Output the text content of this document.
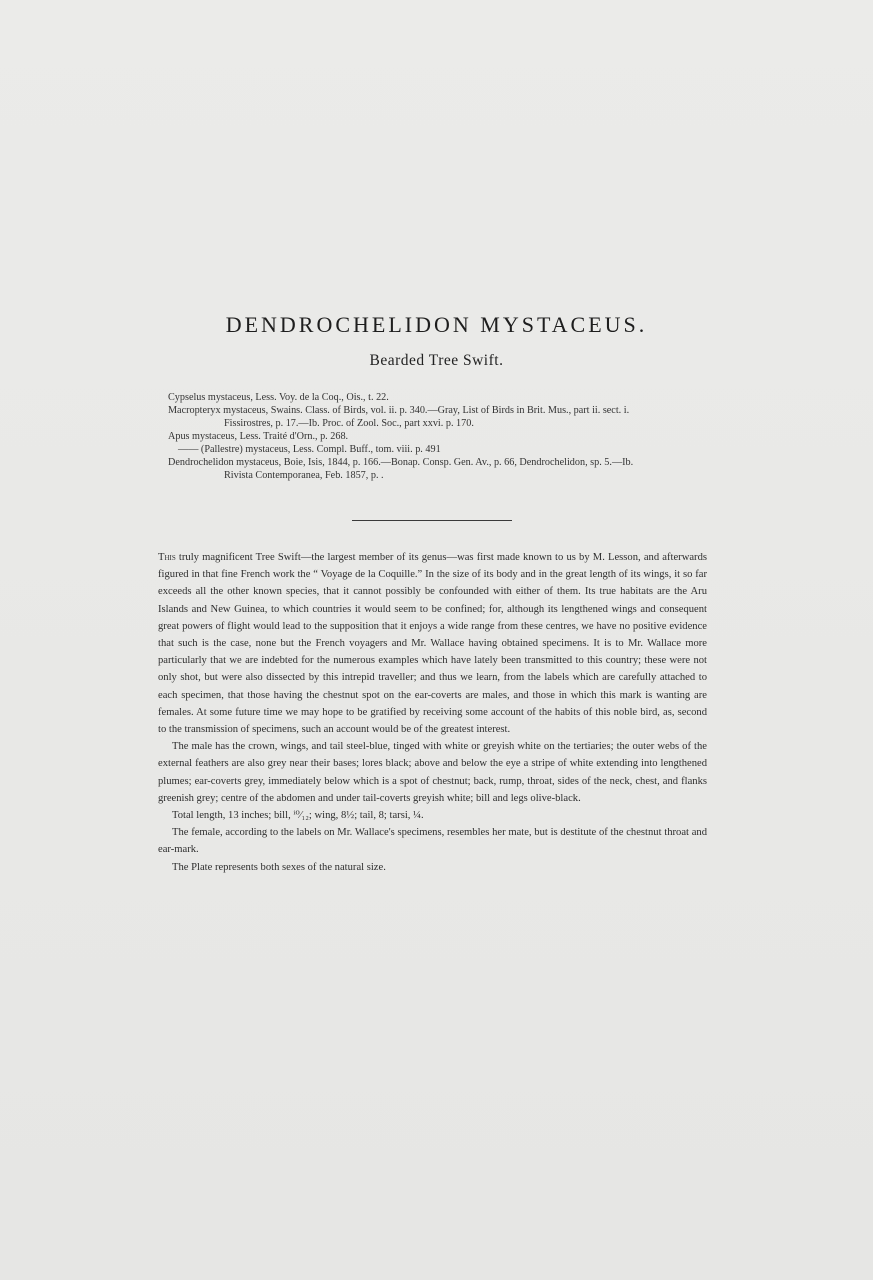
DENDROCHELIDON MYSTACEUS.
Bearded Tree Swift.

Cypselus mystaceus, Less. Voy. de la Coq., Ois., t. 22.

Macropteryx mystaceus, Swains. Class. of Birds, vol. ii. p. 340.—Gray, List of Birds in Brit. Mus., part ii. sect. i.

Fissirostres, p. 17.—Ib. Proc. of Zool. Soc., part xxvi. p. 170.

Apus mystaceus, Less. Traité d'Orn., p. 268.

—— (Pallestre) mystaceus, Less. Compl. Buff., tom. viii. p. 491

Dendrochelidon mystaceus, Boie, Isis, 1844, p. 166.—Bonap. Consp. Gen. Av., p. 66, Dendrochelidon, sp. 5.—Ib.

Rivista Contemporanea, Feb. 1857, p. .

This truly magnificent Tree Swift—the largest member of its genus—was first made known to us by M. Lesson, and afterwards figured in that fine French work the “ Voyage de la Coquille.” In the size of its body and in the great length of its wings, it so far exceeds all the other known species, that it cannot possibly be confounded with either of them. Its true habitats are the Aru Islands and New Guinea, to which countries it would seem to be confined; for, although its lengthened wings and consequent great powers of flight would lead to the supposition that it enjoys a wide range from these centres, we have no positive evidence that such is the case, none but the French voyagers and Mr. Wallace having obtained specimens. It is to Mr. Wallace more particularly that we are indebted for the numerous examples which have lately been transmitted to this country; these were not only shot, but were also dissected by this intrepid traveller; and thus we learn, from the labels which are carefully attached to each specimen, that those having the chestnut spot on the ear-coverts are males, and those in which this mark is wanting are females. At some future time we may hope to be gratified by receiving some account of the habits of this noble bird, as, second to the transmission of specimens, such an account would be of the greatest interest.

The male has the crown, wings, and tail steel-blue, tinged with white or greyish white on the tertiaries; the outer webs of the external feathers are also grey near their bases; lores black; above and below the eye a stripe of white extending into lengthened plumes; ear-coverts grey, immediately below which is a spot of chestnut; back, rump, throat, sides of the neck, chest, and flanks greenish grey; centre of the abdomen and under tail-coverts greyish white; bill and legs olive-black.

Total length, 13 inches; bill, ⁱ⁰⁄₁₂; wing, 8½; tail, 8; tarsi, ¼.

The female, according to the labels on Mr. Wallace's specimens, resembles her mate, but is destitute of the chestnut throat and ear-mark.

The Plate represents both sexes of the natural size.
